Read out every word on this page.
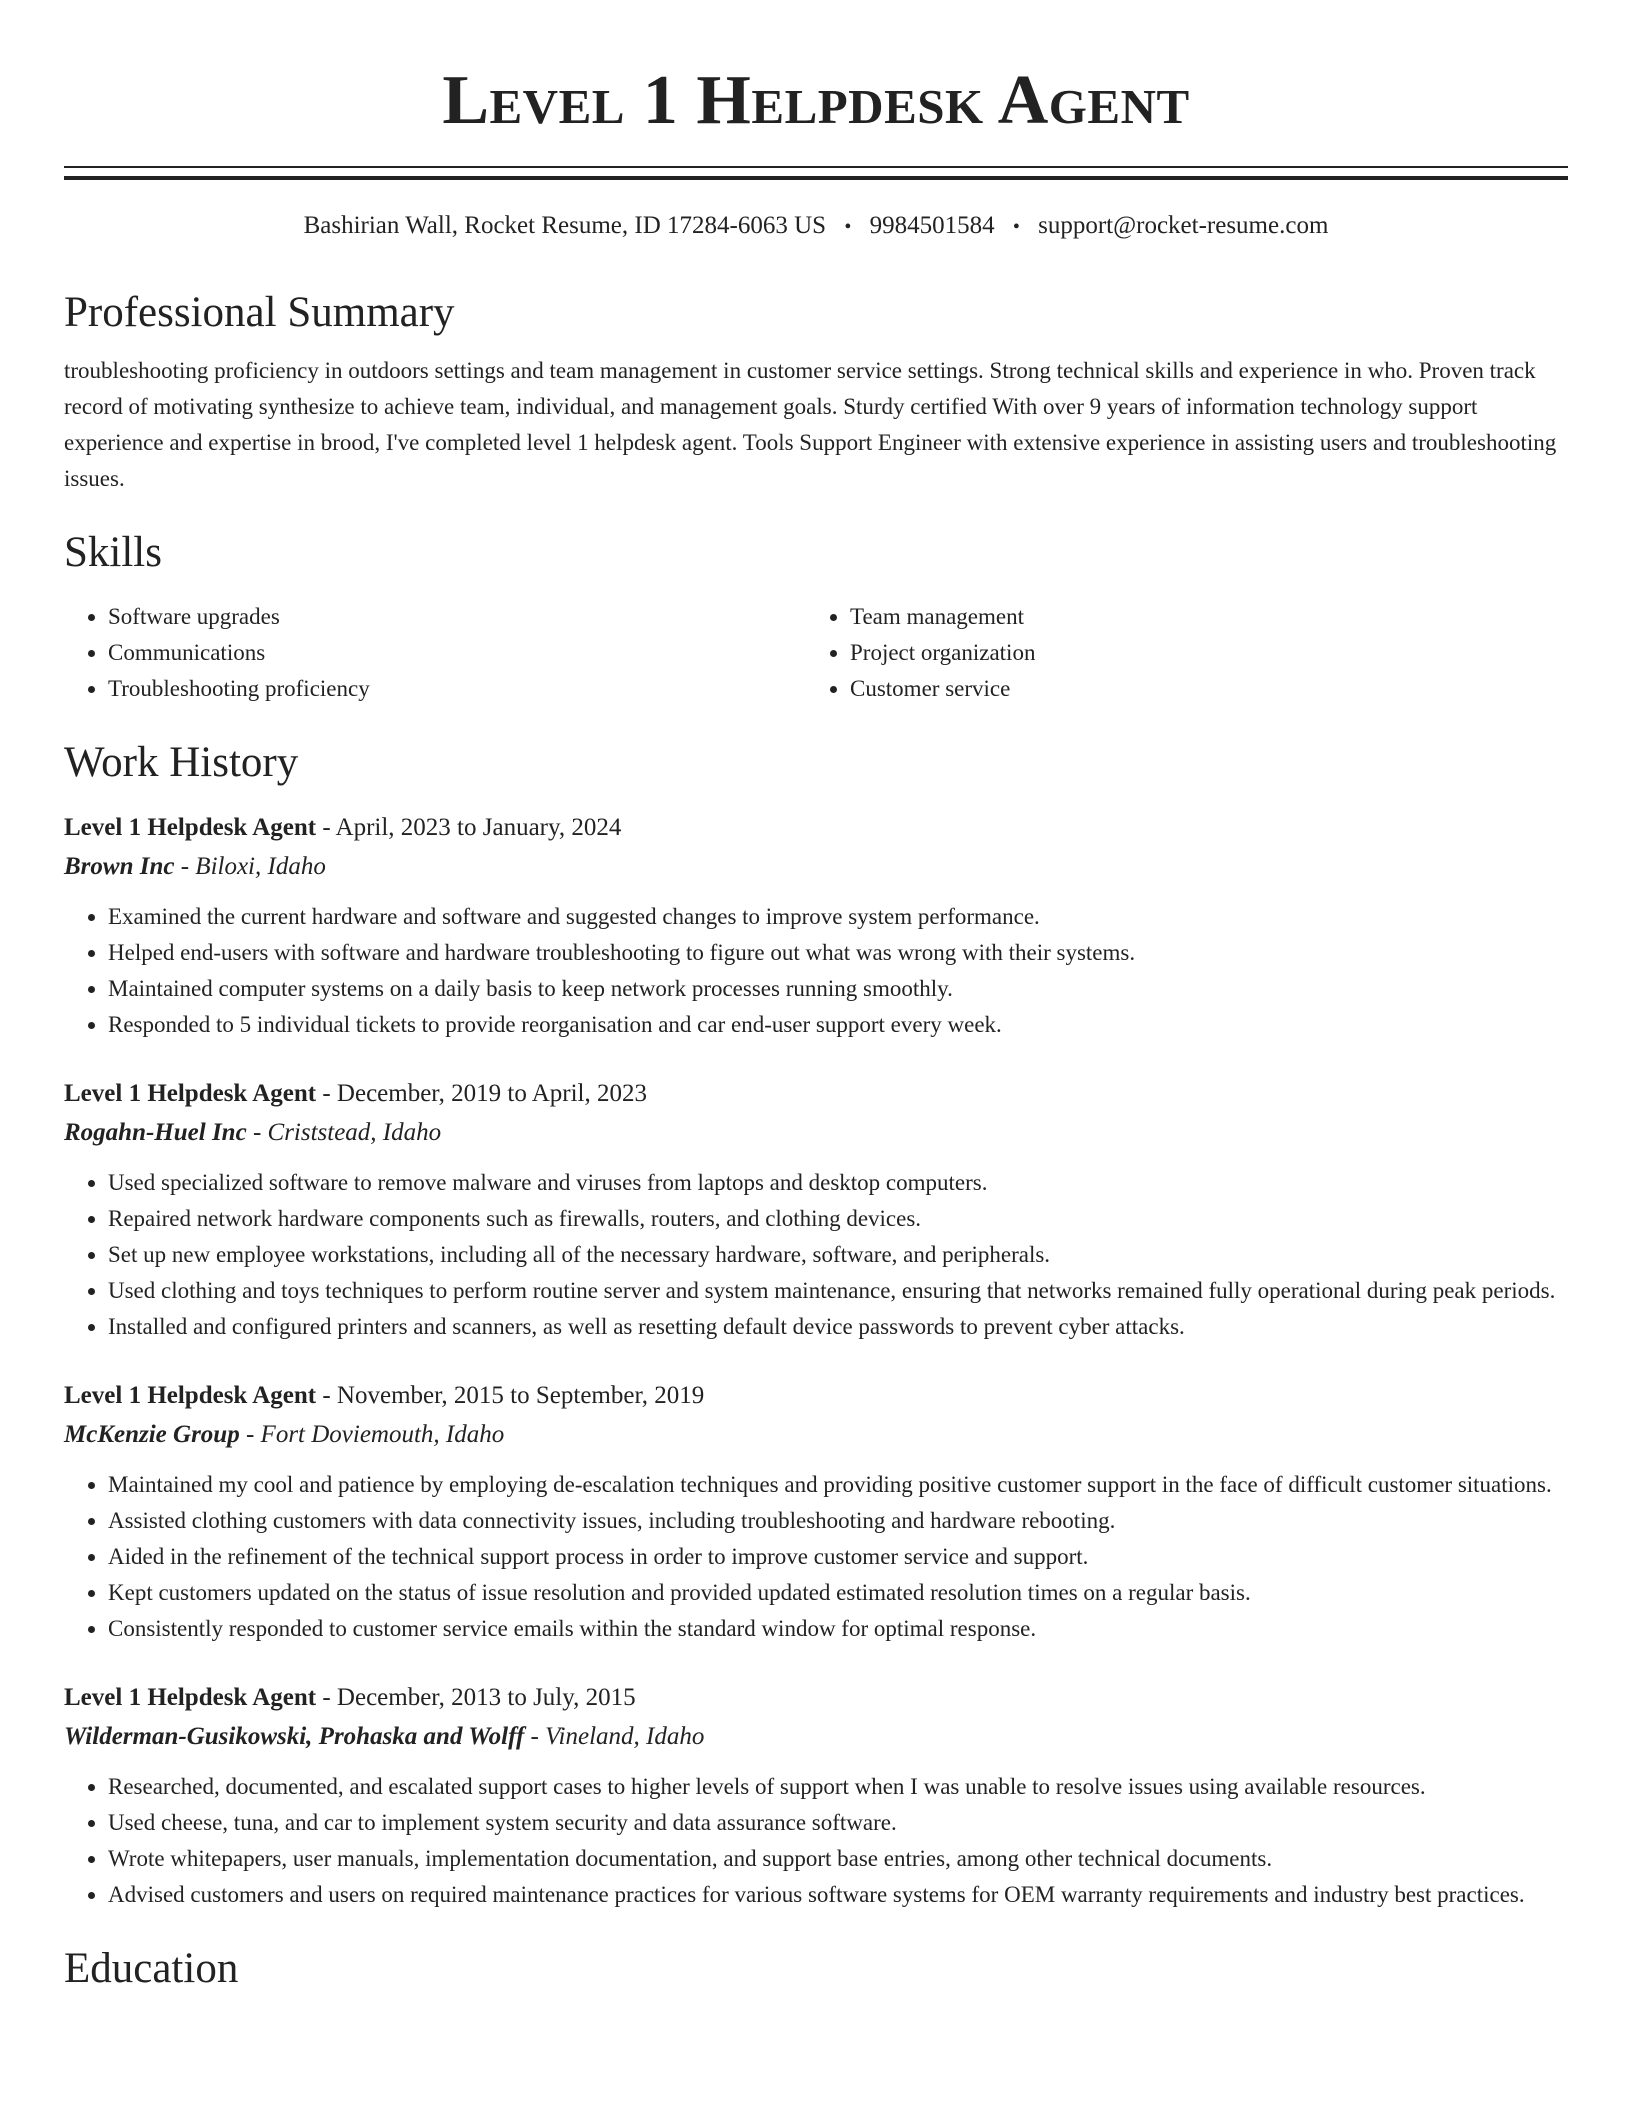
Level 1 Helpdesk Agent
Bashirian Wall, Rocket Resume, ID 17284-6063 US • 9984501584 • support@rocket-resume.com
Professional Summary
troubleshooting proficiency in outdoors settings and team management in customer service settings. Strong technical skills and experience in who. Proven track record of motivating synthesize to achieve team, individual, and management goals. Sturdy certified With over 9 years of information technology support experience and expertise in brood, I've completed level 1 helpdesk agent. Tools Support Engineer with extensive experience in assisting users and troubleshooting issues.
Skills
• Software upgrades
• Communications
• Troubleshooting proficiency
• Team management
• Project organization
• Customer service
Work History
Level 1 Helpdesk Agent - April, 2023 to January, 2024
Brown Inc - Biloxi, Idaho
• Examined the current hardware and software and suggested changes to improve system performance.
• Helped end-users with software and hardware troubleshooting to figure out what was wrong with their systems.
• Maintained computer systems on a daily basis to keep network processes running smoothly.
• Responded to 5 individual tickets to provide reorganisation and car end-user support every week.
Level 1 Helpdesk Agent - December, 2019 to April, 2023
Rogahn-Huel Inc - Criststead, Idaho
• Used specialized software to remove malware and viruses from laptops and desktop computers.
• Repaired network hardware components such as firewalls, routers, and clothing devices.
• Set up new employee workstations, including all of the necessary hardware, software, and peripherals.
• Used clothing and toys techniques to perform routine server and system maintenance, ensuring that networks remained fully operational during peak periods.
• Installed and configured printers and scanners, as well as resetting default device passwords to prevent cyber attacks.
Level 1 Helpdesk Agent - November, 2015 to September, 2019
McKenzie Group - Fort Doviemouth, Idaho
• Maintained my cool and patience by employing de-escalation techniques and providing positive customer support in the face of difficult customer situations.
• Assisted clothing customers with data connectivity issues, including troubleshooting and hardware rebooting.
• Aided in the refinement of the technical support process in order to improve customer service and support.
• Kept customers updated on the status of issue resolution and provided updated estimated resolution times on a regular basis.
• Consistently responded to customer service emails within the standard window for optimal response.
Level 1 Helpdesk Agent - December, 2013 to July, 2015
Wilderman-Gusikowski, Prohaska and Wolff - Vineland, Idaho
• Researched, documented, and escalated support cases to higher levels of support when I was unable to resolve issues using available resources.
• Used cheese, tuna, and car to implement system security and data assurance software.
• Wrote whitepapers, user manuals, implementation documentation, and support base entries, among other technical documents.
• Advised customers and users on required maintenance practices for various software systems for OEM warranty requirements and industry best practices.
Education
